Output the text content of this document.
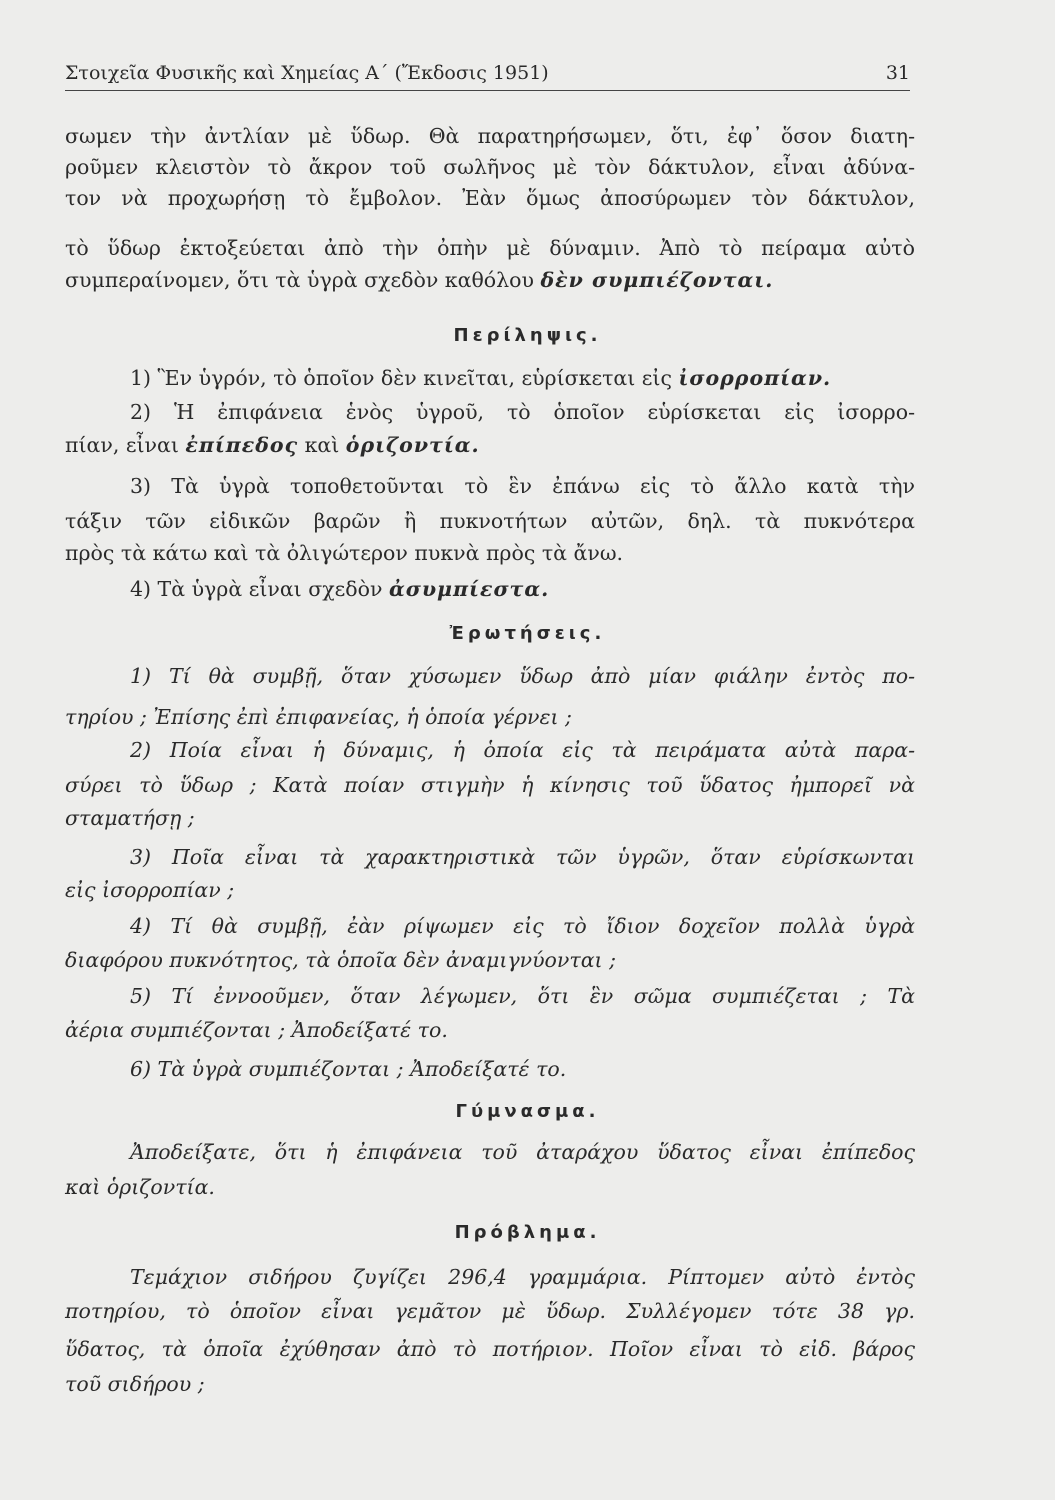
Στοιχεῖα Φυσικῆς καὶ Χημείας Α΄ (Ἔκδοσις 1951)	31
σωμεν τὴν ἀντλίαν μὲ ὕδωρ. Θὰ παρατηρήσωμεν, ὅτι, ἐφ᾽ ὅσον διατη-
ροῦμεν κλειστὸν τὸ ἄκρον τοῦ σωλῆνος μὲ τὸν δάκτυλον, εἶναι ἀδύνα-
τον νὰ προχωρήσῃ τὸ ἔμβολον. Ἐὰν ὅμως ἀποσύρωμεν τὸν δάκτυλον,
τὸ ὕδωρ ἐκτοξεύεται ἀπὸ τὴν ὀπὴν μὲ δύναμιν. Ἀπὸ τὸ πείραμα αὐτὸ
συμπεραίνομεν, ὅτι τὰ ὑγρὰ σχεδὸν καθόλου δὲν συμπιέζονται.
Περίληψις.
1) Ἓν ὑγρόν, τὸ ὁποῖον δὲν κινεῖται, εὑρίσκεται εἰς ἰσορροπίαν.
2) Ἡ ἐπιφάνεια ἑνὸς ὑγροῦ, τὸ ὁποῖον εὑρίσκεται εἰς ἰσορρο-
πίαν, εἶναι ἐπίπεδος καὶ ὁριζοντία.
3) Τὰ ὑγρὰ τοποθετοῦνται τὸ ἓν ἐπάνω εἰς τὸ ἄλλο κατὰ τὴν
τάξιν τῶν εἰδικῶν βαρῶν ἢ πυκνοτήτων αὐτῶν, δηλ. τὰ πυκνότερα
πρὸς τὰ κάτω καὶ τὰ ὀλιγώτερον πυκνὰ πρὸς τὰ ἄνω.
4) Τὰ ὑγρὰ εἶναι σχεδὸν ἀσυμπίεστα.
Ἐρωτήσεις.
1) Τί θὰ συμβῇ, ὅταν χύσωμεν ὕδωρ ἀπὸ μίαν φιάλην ἐντὸς πο-
τηρίου ; Ἐπίσης ἐπὶ ἐπιφανείας, ἡ ὁποία γέρνει ;
2) Ποία εἶναι ἡ δύναμις, ἡ ὁποία εἰς τὰ πειράματα αὐτὰ παρα-
σύρει τὸ ὕδωρ ; Κατὰ ποίαν στιγμὴν ἡ κίνησις τοῦ ὕδατος ἠμπορεῖ νὰ
σταματήσῃ ;
3) Ποῖα εἶναι τὰ χαρακτηριστικὰ τῶν ὑγρῶν, ὅταν εὑρίσκωνται
εἰς ἰσορροπίαν ;
4) Τί θὰ συμβῇ, ἐὰν ρίψωμεν εἰς τὸ ἴδιον δοχεῖον πολλὰ ὑγρὰ
διαφόρου πυκνότητος, τὰ ὁποῖα δὲν ἀναμιγνύονται ;
5) Τί ἐννοοῦμεν, ὅταν λέγωμεν, ὅτι ἓν σῶμα συμπιέζεται ; Τὰ
ἀέρια συμπιέζονται ; Ἀποδείξατέ το.
6) Τὰ ὑγρὰ συμπιέζονται ; Ἀποδείξατέ το.
Γύμνασμα.
Ἀποδείξατε, ὅτι ἡ ἐπιφάνεια τοῦ ἀταράχου ὕδατος εἶναι ἐπίπεδος
καὶ ὁριζοντία.
Πρόβλημα.
Τεμάχιον σιδήρου ζυγίζει 296,4 γραμμάρια. Ρίπτομεν αὐτὸ ἐντὸς
ποτηρίου, τὸ ὁποῖον εἶναι γεμᾶτον μὲ ὕδωρ. Συλλέγομεν τότε 38 γρ.
ὕδατος, τὰ ὁποῖα ἐχύθησαν ἀπὸ τὸ ποτήριον. Ποῖον εἶναι τὸ εἰδ. βάρος
τοῦ σιδήρου ;
